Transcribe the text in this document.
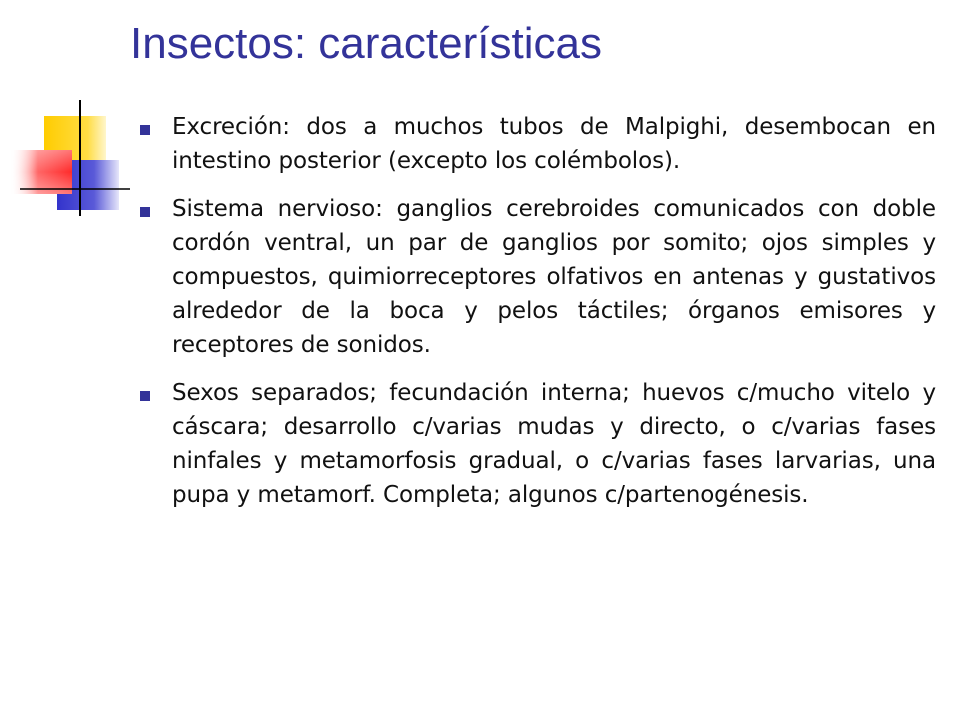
Insectos: características
Excreción: dos a muchos tubos de Malpighi, desembocan en intestino posterior (excepto los colémbolos).
Sistema nervioso: ganglios cerebroides comunicados con doble cordón ventral, un par de ganglios por somito; ojos simples y compuestos, quimiorreceptores olfativos en antenas y gustativos alrededor de la boca y pelos táctiles; órganos emisores y receptores de sonidos.
Sexos separados; fecundación interna; huevos c/mucho vitelo y cáscara; desarrollo c/varias mudas y directo, o c/varias fases ninfales y metamorfosis gradual, o c/varias fases larvarias, una pupa y metamorf. Completa; algunos c/partenogénesis.
